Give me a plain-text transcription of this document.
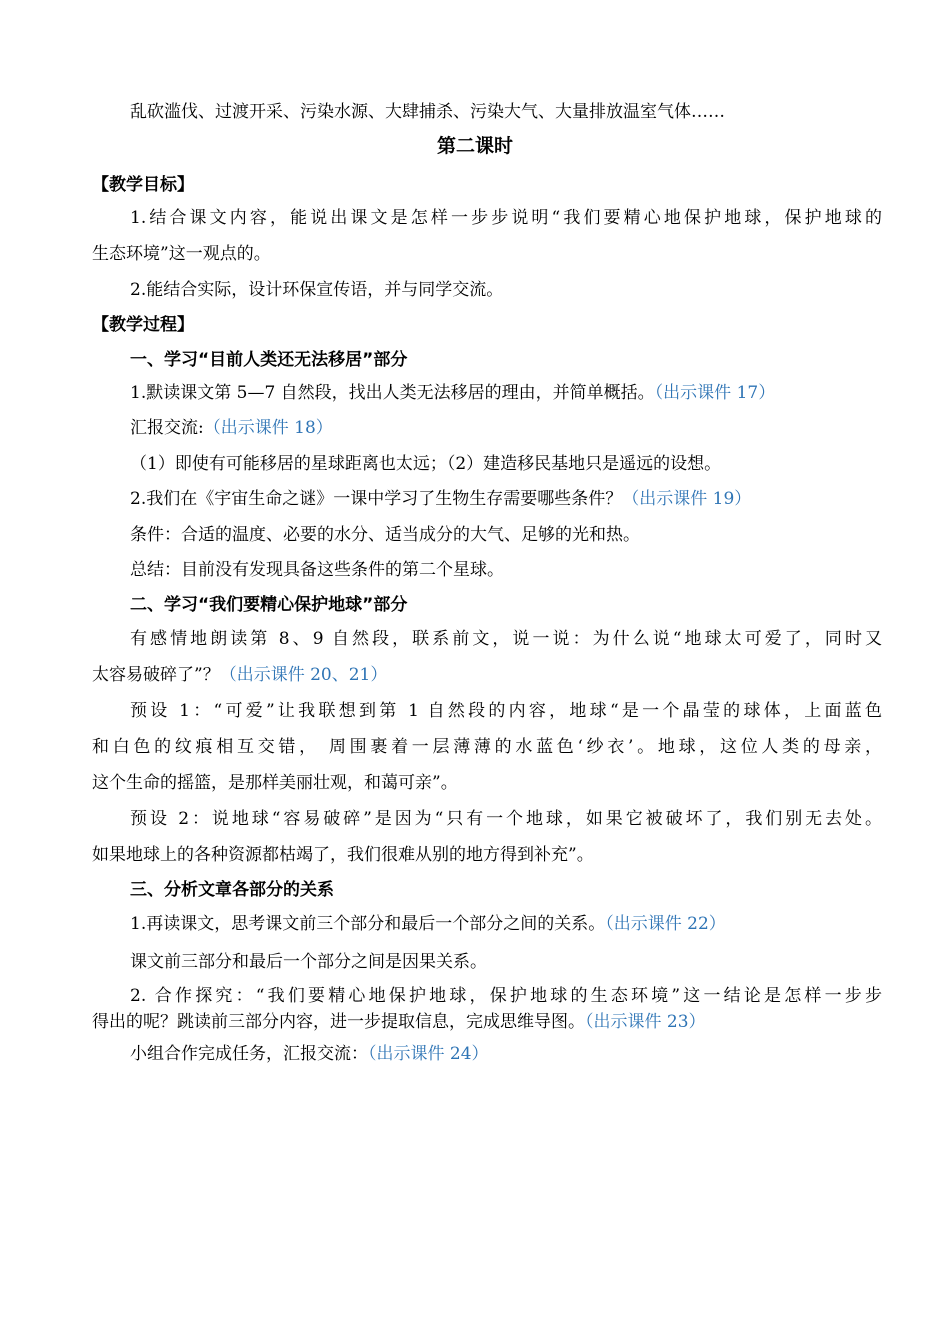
乱砍滥伐、过渡开采、污染水源、大肆捕杀、污染大气、大量排放温室气体……
第二课时
【教学目标】
1.结合课文内容，能说出课文是怎样一步步说明“我们要精心地保护地球，保护地球的
生态环境”这一观点的。
2.能结合实际，设计环保宣传语，并与同学交流。
【教学过程】
一、学习“目前人类还无法移居”部分
1.默读课文第 5—7 自然段，找出人类无法移居的理由，并简单概括。（出示课件 17）
汇报交流:（出示课件 18）
（1）即使有可能移居的星球距离也太远；（2）建造移民基地只是遥远的设想。
2.我们在《宇宙生命之谜》一课中学习了生物生存需要哪些条件？（出示课件 19）
条件：合适的温度、必要的水分、适当成分的大气、足够的光和热。
总结：目前没有发现具备这些条件的第二个星球。
二、学习“我们要精心保护地球”部分
有感情地朗读第 8、9 自然段，联系前文，说一说：为什么说“地球太可爱了，同时又
太容易破碎了”？（出示课件 20、21）
预设 1：“可爱”让我联想到第 1 自然段的内容，地球“是一个晶莹的球体，上面蓝色
和白色的纹痕相互交错， 周围裹着一层薄薄的水蓝色‘纱衣’。地球，这位人类的母亲，
这个生命的摇篮，是那样美丽壮观，和蔼可亲”。
预设 2：说地球“容易破碎”是因为“只有一个地球，如果它被破坏了，我们别无去处。
如果地球上的各种资源都枯竭了，我们很难从别的地方得到补充”。
三、分析文章各部分的关系
1.再读课文，思考课文前三个部分和最后一个部分之间的关系。（出示课件 22）
课文前三部分和最后一个部分之间是因果关系。
2. 合作探究：“我们要精心地保护地球，保护地球的生态环境”这一结论是怎样一步步
得出的呢？跳读前三部分内容，进一步提取信息，完成思维导图。（出示课件 23）
小组合作完成任务，汇报交流：（出示课件 24）
